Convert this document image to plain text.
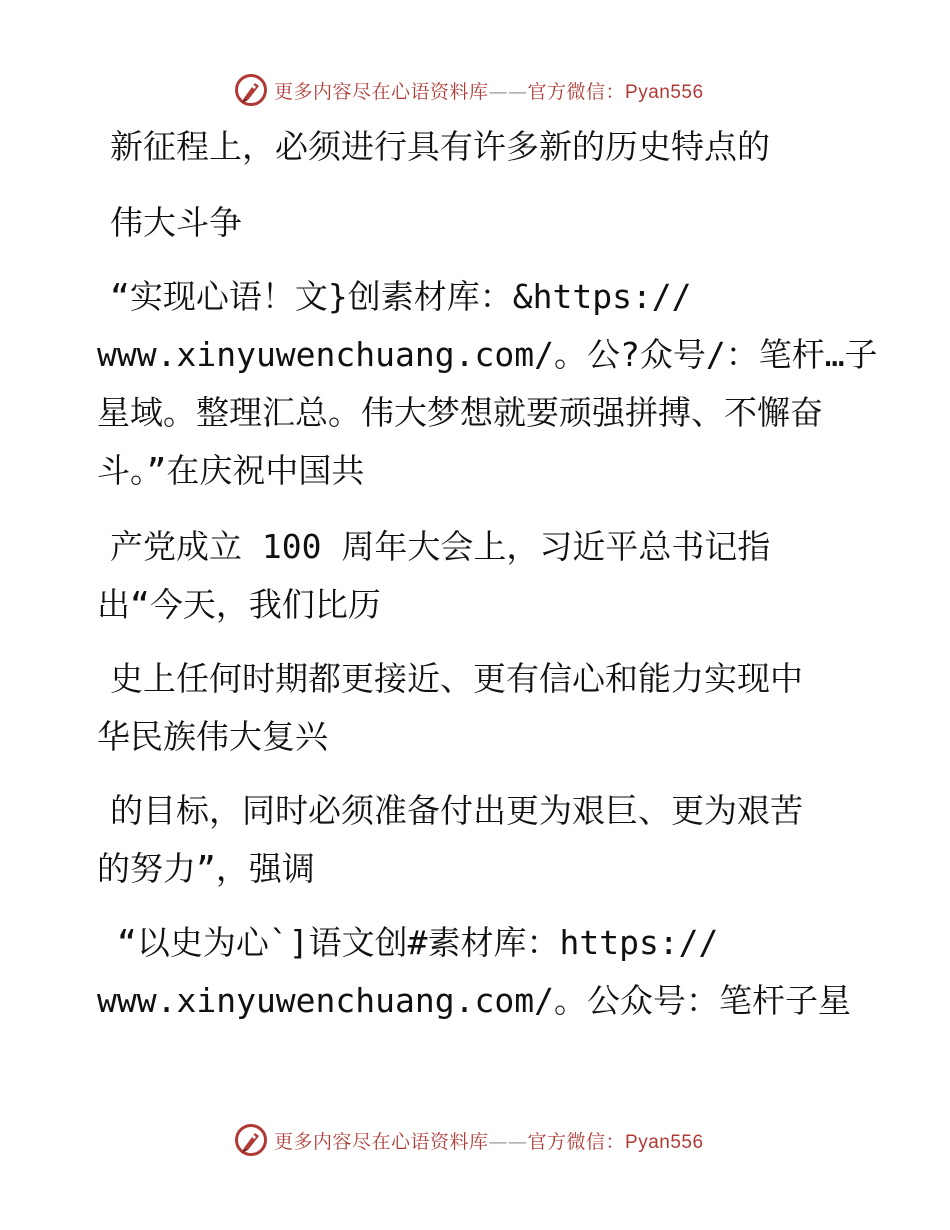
更多内容尽在心语资料库——官方微信：Pyan556
新征程上，必须进行具有许多新的历史特点的
伟大斗争
“实现心语！文}创素材库：&https://
www.xinyuwenchuang.com/。公?众号/：笔杆…子
星域。整理汇总。伟大梦想就要顽强拼搏、不懈奋
斗。”在庆祝中国共
产党成立 100 周年大会上，习近平总书记指
出“今天，我们比历
史上任何时期都更接近、更有信心和能力实现中
华民族伟大复兴
的目标，同时必须准备付出更为艰巨、更为艰苦
的努力”，强调
“以史为心`]语文创#素材库：https://
www.xinyuwenchuang.com/。公众号：笔杆子星
更多内容尽在心语资料库——官方微信：Pyan556
